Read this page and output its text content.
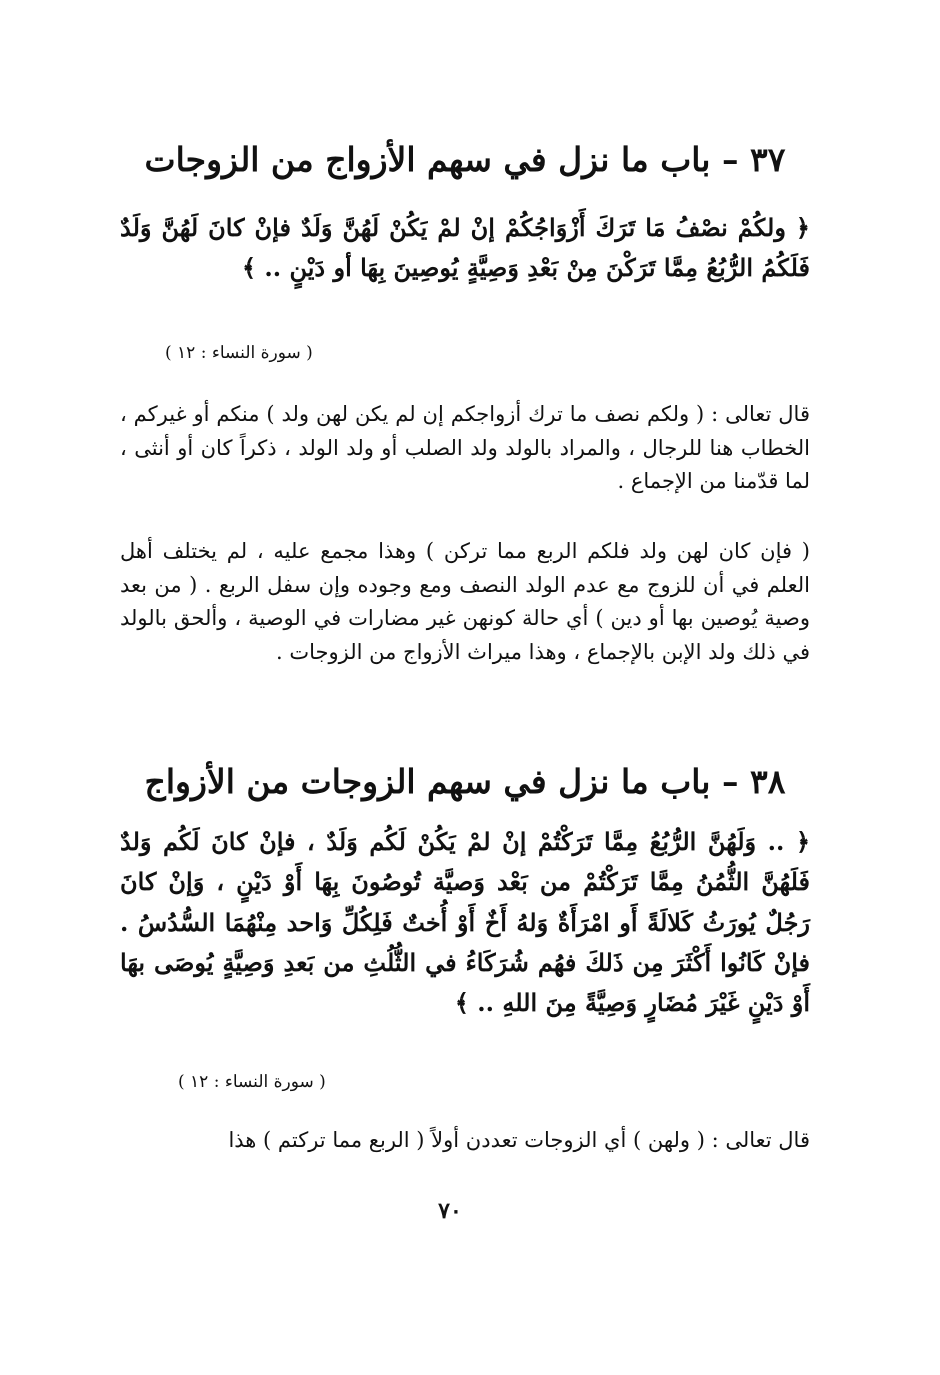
٣٧ – باب ما نزل في سهم الأزواج من الزوجات
﴿ ولكُمْ نصْفُ مَا تَرَكَ أَزْوَاجُكُمْ إنْ لمْ يَكُنْ لَهُنَّ وَلَدٌ فإنْ كانَ لَهُنَّ وَلَدٌ فَلَكُمُ الرُّبُعُ مِمَّا تَرَكْنَ مِنْ بَعْدِ وَصِيَّةٍ يُوصِينَ بِهَا أو دَيْنٍ .. ﴾
( سورة النساء : ١٢ )
قال تعالى : ( ولكم نصف ما ترك أزواجكم إن لم يكن لهن ولد ) منكم أو غيركم ، الخطاب هنا للرجال ، والمراد بالولد ولد الصلب أو ولد الولد ، ذكراً كان أو أنثى ، لما قدّمنا من الإجماع .
( فإن كان لهن ولد فلكم الربع مما تركن ) وهذا مجمع عليه ، لم يختلف أهل العلم في أن للزوج مع عدم الولد النصف ومع وجوده وإن سفل الربع . ( من بعد وصية يُوصين بها أو دين ) أي حالة كونهن غير مضارات في الوصية ، وألحق بالولد في ذلك ولد الإبن بالإجماع ، وهذا ميراث الأزواج من الزوجات .
٣٨ – باب ما نزل في سهم الزوجات من الأزواج
﴿ .. وَلَهُنَّ الرُّبُعُ مِمَّا تَرَكْتُمْ إنْ لمْ يَكُنْ لَكُم وَلَدٌ ، فإنْ كانَ لَكُم وَلدٌ فَلَهُنَّ الثُّمُنُ مِمَّا تَرَكْتُمْ من بَعْد وَصيَّة تُوصُونَ بِهَا أَوْ دَيْنٍ ، وَإنْ كانَ رَجُلٌ يُورَثُ كَلالَةً أَو امْرَأَةٌ وَلهُ أَخٌ أَوْ أُختٌ فَلِكُلِّ وَاحد مِنْهُمَا السُّدُسُ . فإنْ كَانُوا أَكْثَرَ مِن ذَلكَ فهُم شُرَكَاءُ في الثُّلُثِ من بَعدِ وَصِيَّةٍ يُوصَى بهَا أَوْ دَيْنٍ غَيْرَ مُضَارٍ وَصِيَّةً مِنَ اللهِ .. ﴾
( سورة النساء : ١٢ )
قال تعالى : ( ولهن ) أي الزوجات تعددن أولاً ( الربع مما تركتم ) هذا
٧٠
